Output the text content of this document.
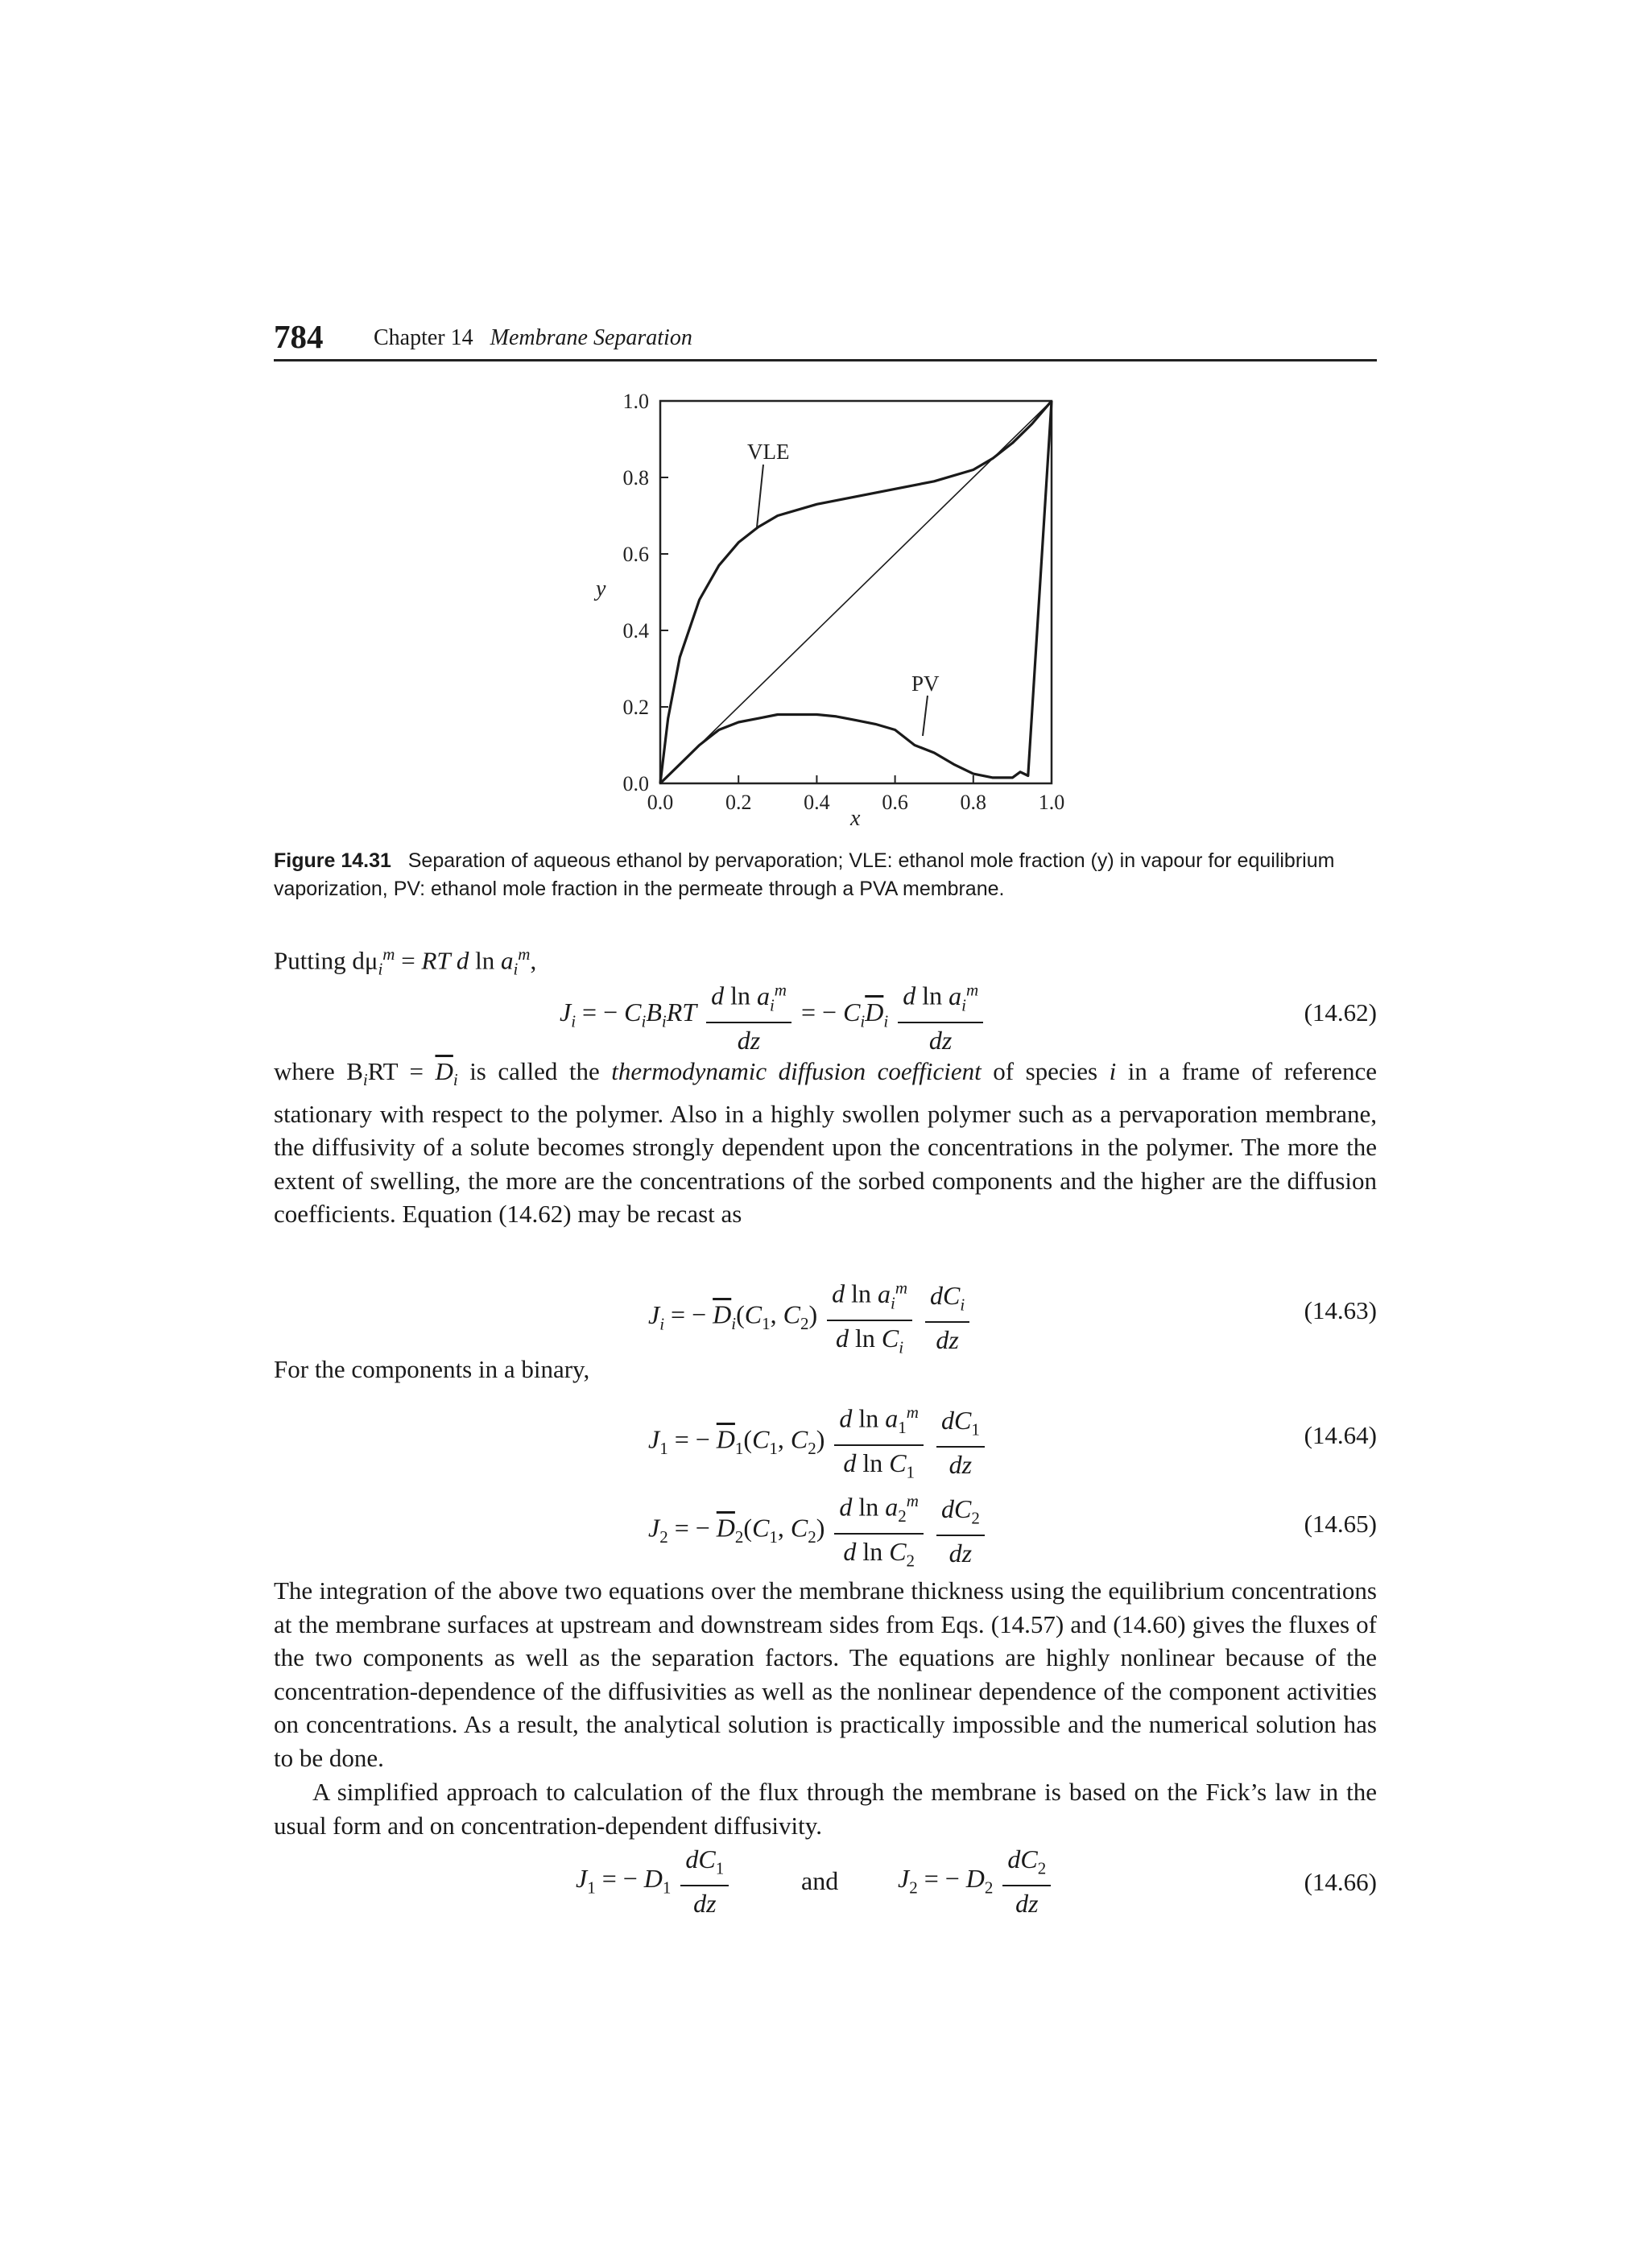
784 Chapter 14 Membrane Separation
1.0
0.8
0.6
0.4
0.2
0.0
0.0 0.2 0.4 0.6 0.8 1.0
y
x
VLE
PV
Figure 14.31 Separation of aqueous ethanol by pervaporation; VLE: ethanol mole fraction (y) in vapour for equilibrium vaporization, PV: ethanol mole fraction in the permeate through a PVA membrane.
Putting $d\mu_i^m$ = RT d $\ln a_i^m$,
$J_i$ = − $C_iB_iRT \frac{d \ln a_i^m}{dz}$ = − $C_i\overline{D}_i \frac{d \ln a_i^m}{dz}$	(14.62)
where $B_iRT = \overline{D}_i$ is called the thermodynamic diffusion coefficient of species i in a frame of reference stationary with respect to the polymer. Also in a highly swollen polymer such as a pervaporation membrane, the diffusivity of a solute becomes strongly dependent upon the concentrations in the polymer. The more the extent of swelling, the more are the concentrations of the sorbed components and the higher are the diffusion coefficients. Equation (14.62) may be recast as
$J_i$ = − $\overline{D}_i(C_1$, $C_2) \frac{d \ln a_i^m}{d \ln C_i}$
$\frac{dC_i}{dz}$	(14.63)
For the components in a binary,
$J_1$ = − $\overline{D}_1(C_1$, $C_2) \frac{d \ln a_1^m}{d \ln C_1}$
$\frac{dC_1}{dz}$	(14.64)
$J_2$ = − $\overline{D}_2(C_1$, $C_2) \frac{d \ln a_2^m}{d \ln C_2}$
$\frac{dC_2}{dz}$	(14.65)
The integration of the above two equations over the membrane thickness using the equilibrium concentrations at the membrane surfaces at upstream and downstream sides from Eqs. (14.57) and (14.60) gives the fluxes of the two components as well as the separation factors. The equations are highly nonlinear because of the concentration-dependence of the diffusivities as well as the nonlinear dependence of the component activities on concentrations. As a result, the analytical solution is practically impossible and the numerical solution has to be done.
A simplified approach to calculation of the flux through the membrane is based on the Fick’s law in the usual form and on concentration-dependent diffusivity.
$J_1$ = − $D_1 \frac{dC_1}{dz}$	and $J_2$ = − $D_2 \frac{dC_2}{dz}$	(14.66)
